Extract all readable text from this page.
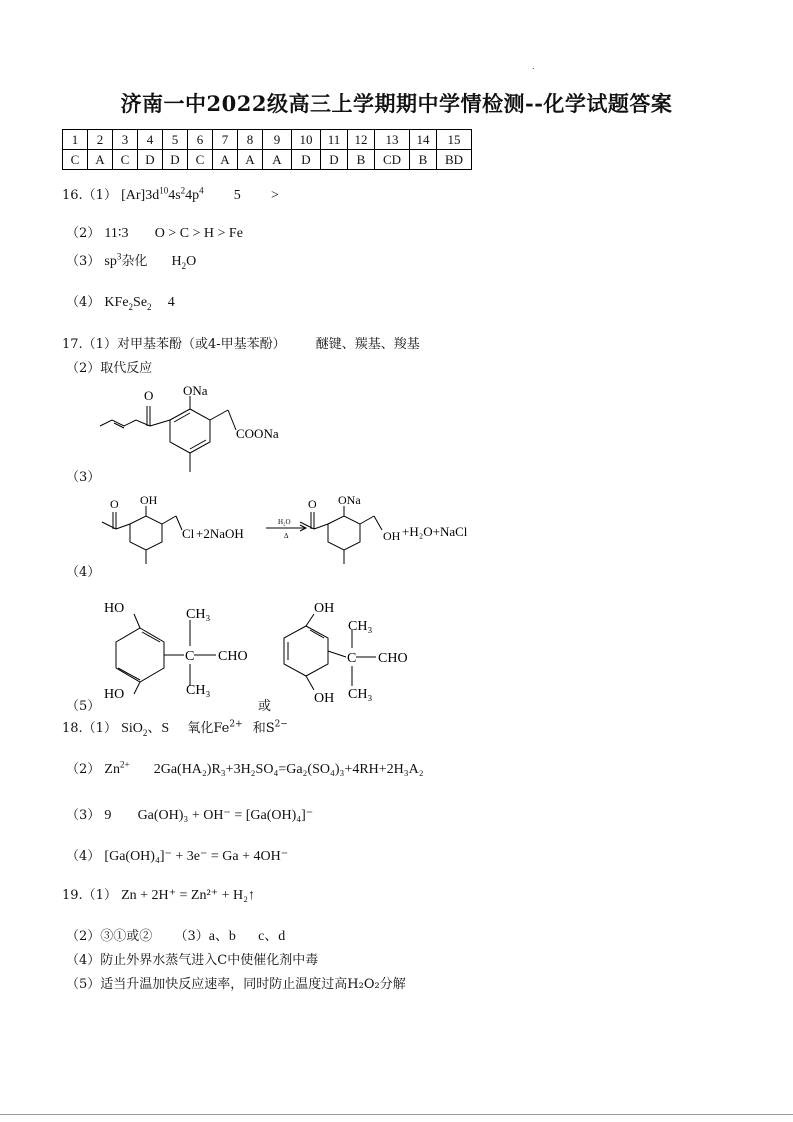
.
济南一中2022级高三上学期期中学情检测--化学试题答案
1	2	3	4	5	6	7	8	9	10	11	12	13	14	15
C	A	C	D	D	C	A	A	A	D	D	B	CD	B	BD
16.（1） $[Ar]3d^{10}4s^24p^4$ 5 >
（2） 11∶3 O > C > H > Fe
（3） $sp^3$杂化 $H_2O$
（4） $KFe_2Se_2$ 4
17.（1）对甲基苯酚（或4-甲基苯酚） 醚键、羰基、羧基
（2）取代反应
O ONa
COONa
（3）
O OH
Cl +2NaOH
H₂O
Δ
O ONa
OH +H₂O+NaCl
（4）
HO
HO
CH₃
C CHO
CH₃
OH
OH
CH₃
C CHO
CH₃
（5）	或
18.（1） SiO$_2$、S 氧化$Fe^{2+}$ 和$S^{2-}$
（2） $Zn^{2+}$ 2Ga(HA₂)R₃+3H₂SO₄=Ga₂(SO₄)₃+4RH+2H₃A₂
（3） 9 Ga(OH)₃ + OH⁻ = [Ga(OH)₄]⁻
（4） [Ga(OH)₄]⁻ + 3e⁻ = Ga + 4OH⁻
19.（1） Zn + 2H⁺ = Zn²⁺ + H₂↑
（2）③①或② （3）a、b c、d
（4）防止外界水蒸气进入C中使催化剂中毒
（5）适当升温加快反应速率，同时防止温度过高H₂O₂分解
